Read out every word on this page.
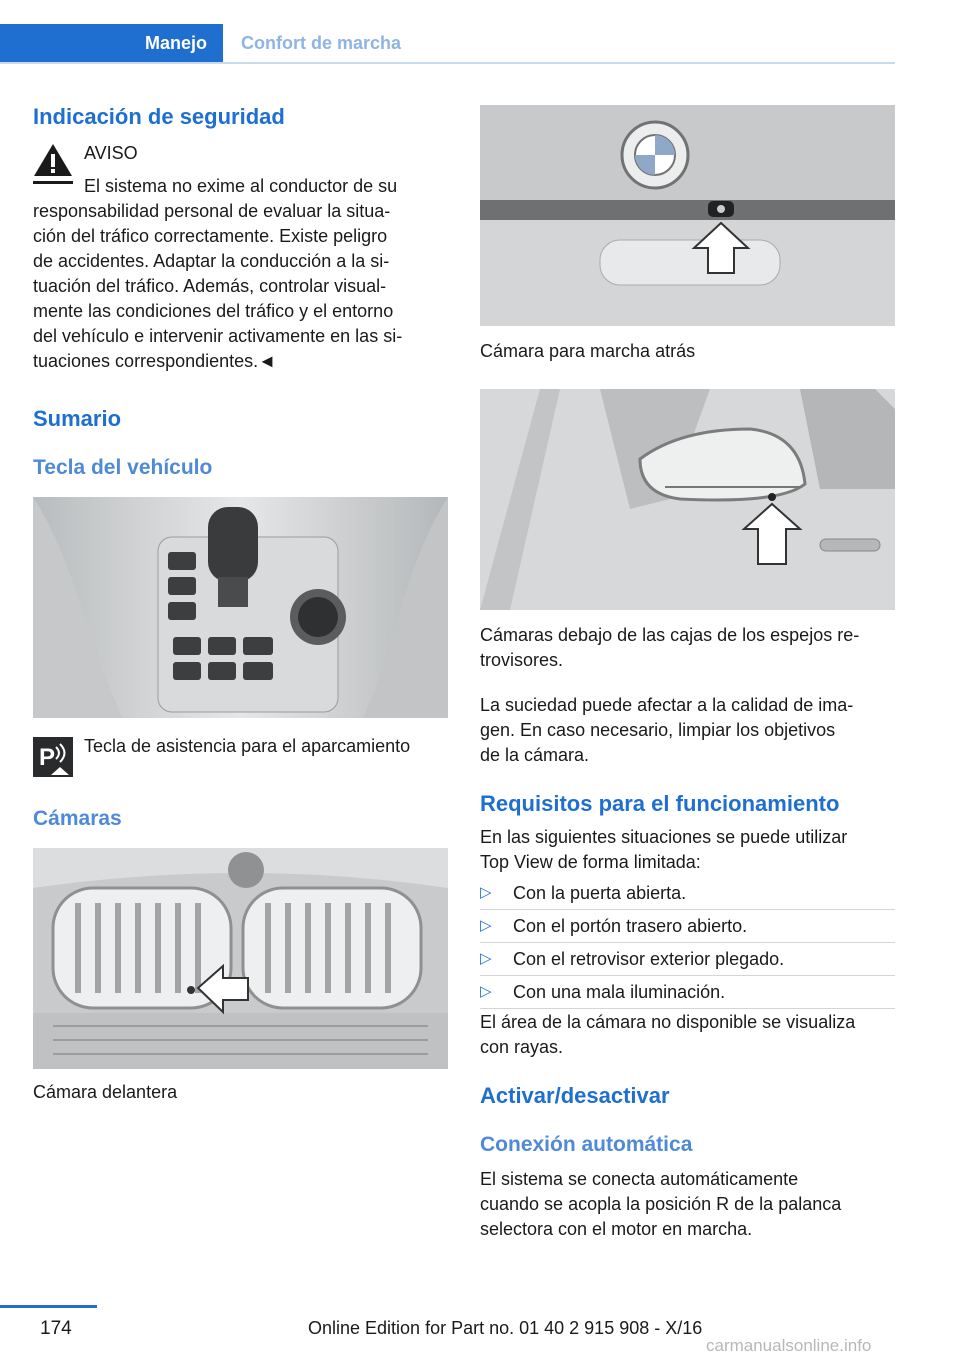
Manejo	Confort de marcha
Indicación de seguridad
AVISO
El sistema no exime al conductor de su
responsabilidad personal de evaluar la situa-
ción del tráfico correctamente. Existe peligro
de accidentes. Adaptar la conducción a la si-
tuación del tráfico. Además, controlar visual-
mente las condiciones del tráfico y el entorno
del vehículo e intervenir activamente en las si-
tuaciones correspondientes.◄
Sumario
Tecla del vehículo
P Tecla de asistencia para el aparcamiento
Cámaras
Cámara delantera
Cámara para marcha atrás
Cámaras debajo de las cajas de los espejos re-
trovisores.
La suciedad puede afectar a la calidad de ima-
gen. En caso necesario, limpiar los objetivos
de la cámara.
Requisitos para el funcionamiento
En las siguientes situaciones se puede utilizar
Top View de forma limitada:
▷ Con la puerta abierta.
▷ Con el portón trasero abierto.
▷ Con el retrovisor exterior plegado.
▷ Con una mala iluminación.
El área de la cámara no disponible se visualiza
con rayas.
Activar/desactivar
Conexión automática
El sistema se conecta automáticamente
cuando se acopla la posición R de la palanca
selectora con el motor en marcha.
174	Online Edition for Part no. 01 40 2 915 908 - X/16
carmanualsonline.info
